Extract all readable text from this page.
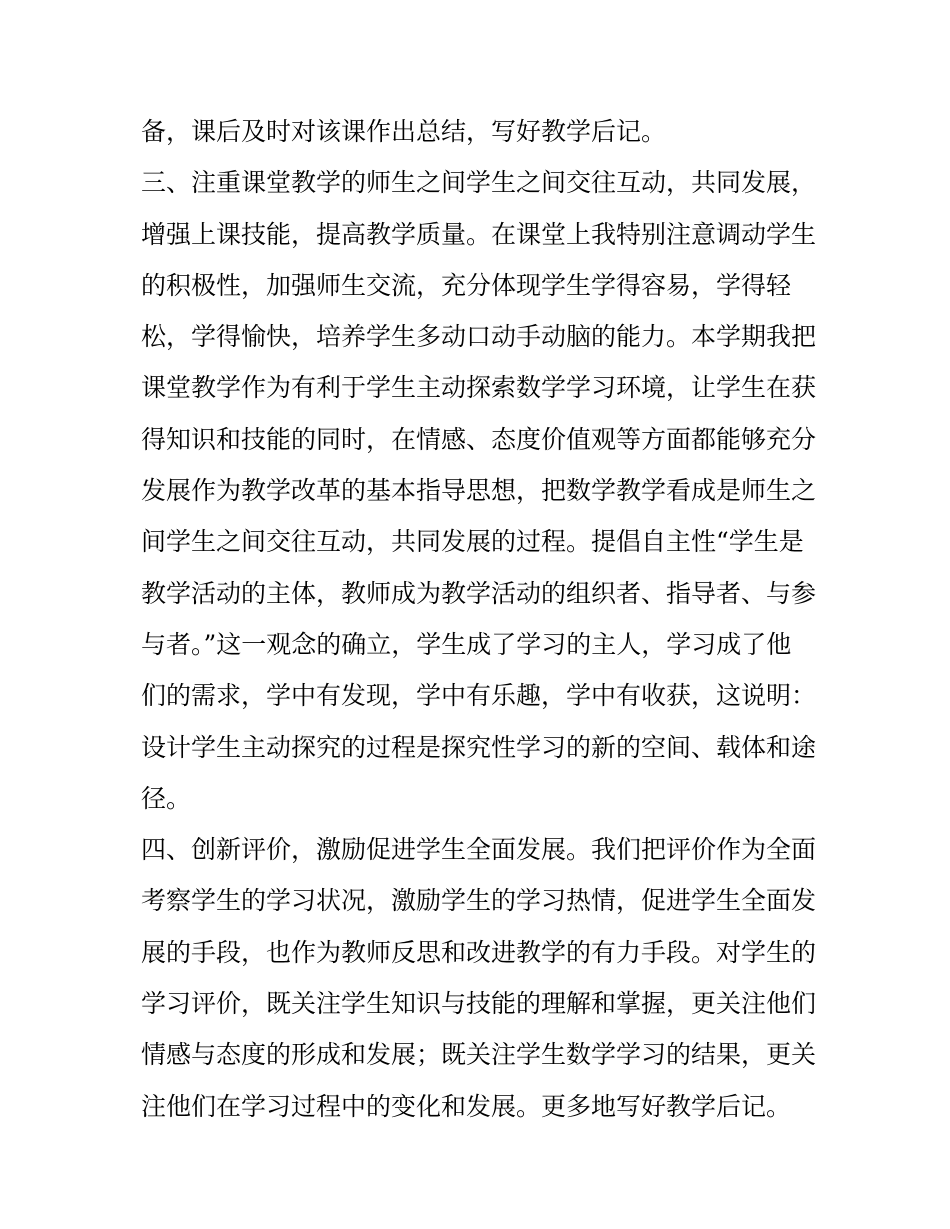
备，课后及时对该课作出总结，写好教学后记。
三、注重课堂教学的师生之间学生之间交往互动，共同发展，
增强上课技能，提高教学质量。在课堂上我特别注意调动学生
的积极性，加强师生交流，充分体现学生学得容易，学得轻
松，学得愉快，培养学生多动口动手动脑的能力。本学期我把
课堂教学作为有利于学生主动探索数学学习环境，让学生在获
得知识和技能的同时，在情感、态度价值观等方面都能够充分
发展作为教学改革的基本指导思想，把数学教学看成是师生之
间学生之间交往互动，共同发展的过程。提倡自主性“学生是
教学活动的主体，教师成为教学活动的组织者、指导者、与参
与者。”这一观念的确立，学生成了学习的主人，学习成了他
们的需求，学中有发现，学中有乐趣，学中有收获，这说明：
设计学生主动探究的过程是探究性学习的新的空间、载体和途
径。
四、创新评价，激励促进学生全面发展。我们把评价作为全面
考察学生的学习状况，激励学生的学习热情，促进学生全面发
展的手段，也作为教师反思和改进教学的有力手段。对学生的
学习评价，既关注学生知识与技能的理解和掌握，更关注他们
情感与态度的形成和发展；既关注学生数学学习的结果，更关
注他们在学习过程中的变化和发展。更多地写好教学后记。
